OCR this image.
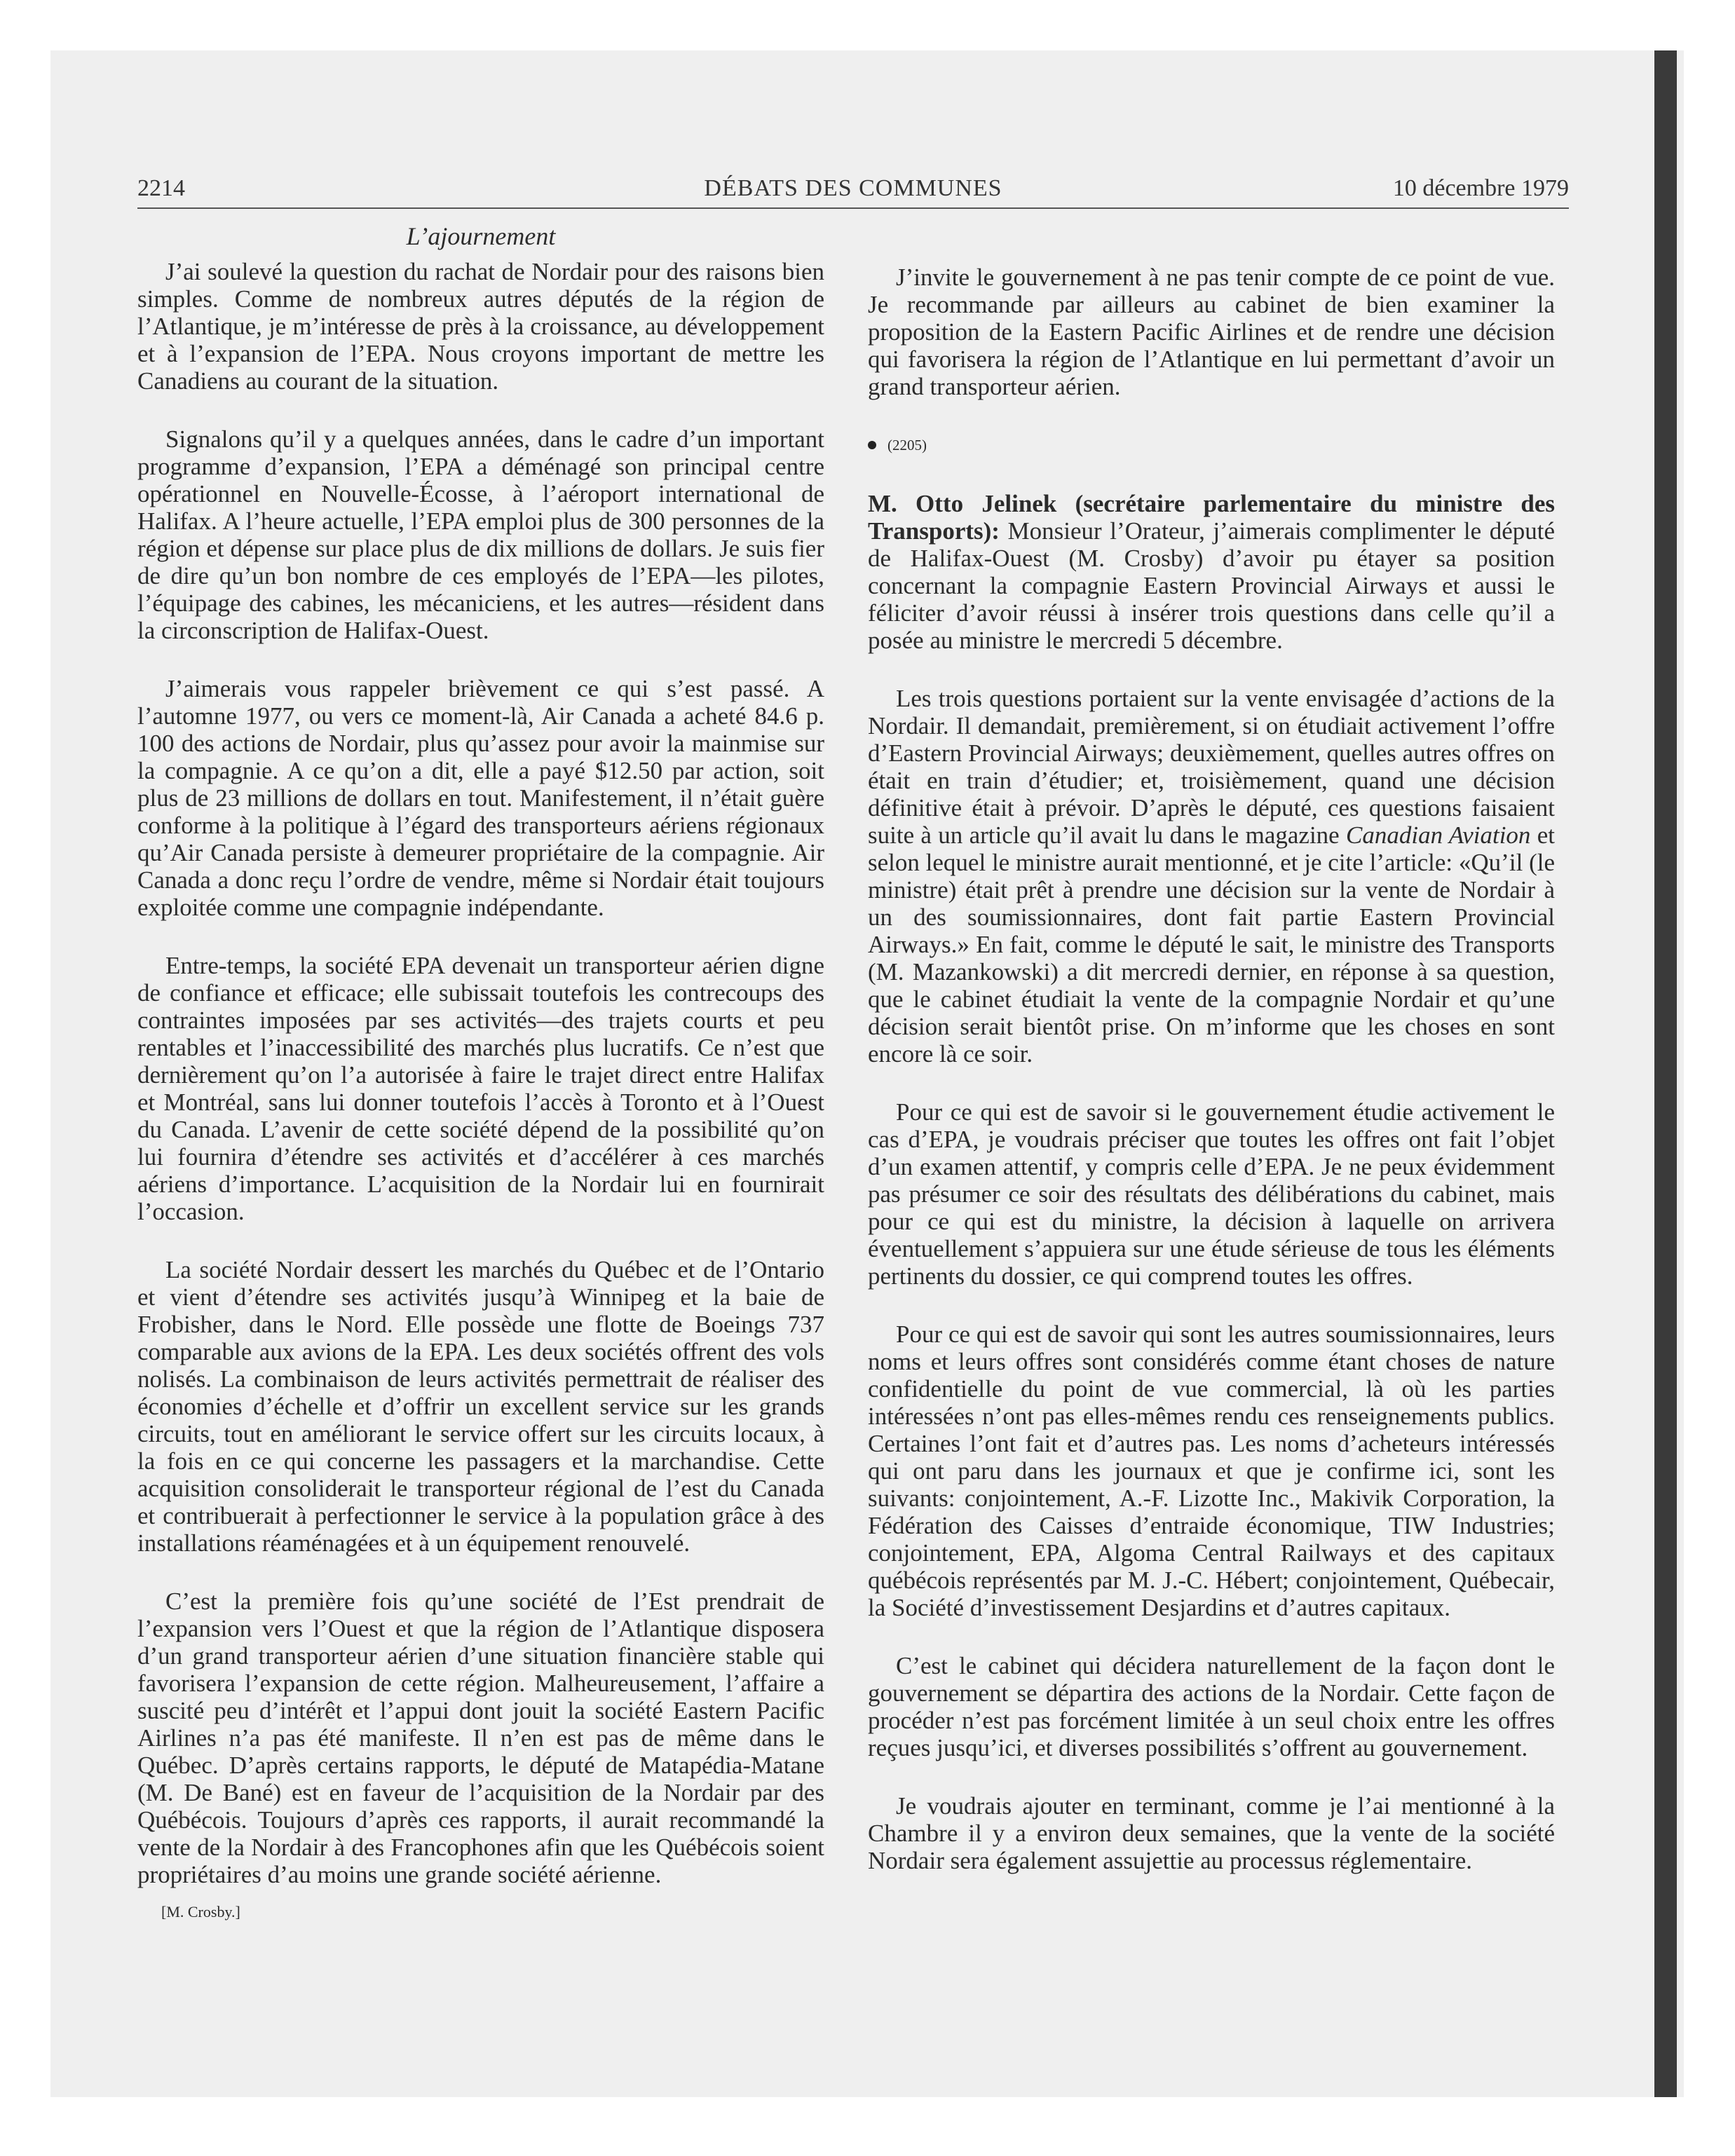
2214	DÉBATS DES COMMUNES	10 décembre 1979
L’ajournement

J’ai soulevé la question du rachat de Nordair pour des raisons bien simples. Comme de nombreux autres députés de la région de l’Atlantique, je m’intéresse de près à la croissance, au développement et à l’expansion de l’EPA. Nous croyons important de mettre les Canadiens au courant de la situation.

Signalons qu’il y a quelques années, dans le cadre d’un important programme d’expansion, l’EPA a déménagé son principal centre opérationnel en Nouvelle-Écosse, à l’aéroport international de Halifax. A l’heure actuelle, l’EPA emploi plus de 300 personnes de la région et dépense sur place plus de dix millions de dollars. Je suis fier de dire qu’un bon nombre de ces employés de l’EPA—les pilotes, l’équipage des cabines, les mécaniciens, et les autres—résident dans la circonscription de Halifax-Ouest.

J’aimerais vous rappeler brièvement ce qui s’est passé. A l’automne 1977, ou vers ce moment-là, Air Canada a acheté 84.6 p. 100 des actions de Nordair, plus qu’assez pour avoir la mainmise sur la compagnie. A ce qu’on a dit, elle a payé $12.50 par action, soit plus de 23 millions de dollars en tout. Manifestement, il n’était guère conforme à la politique à l’égard des transporteurs aériens régionaux qu’Air Canada persiste à demeurer propriétaire de la compagnie. Air Canada a donc reçu l’ordre de vendre, même si Nordair était toujours exploitée comme une compagnie indépendante.

Entre-temps, la société EPA devenait un transporteur aérien digne de confiance et efficace; elle subissait toutefois les contrecoups des contraintes imposées par ses activités—des trajets courts et peu rentables et l’inaccessibilité des marchés plus lucratifs. Ce n’est que dernièrement qu’on l’a autorisée à faire le trajet direct entre Halifax et Montréal, sans lui donner toutefois l’accès à Toronto et à l’Ouest du Canada. L’avenir de cette société dépend de la possibilité qu’on lui fournira d’étendre ses activités et d’accélérer à ces marchés aériens d’importance. L’acquisition de la Nordair lui en fournirait l’occasion.

La société Nordair dessert les marchés du Québec et de l’Ontario et vient d’étendre ses activités jusqu’à Winnipeg et la baie de Frobisher, dans le Nord. Elle possède une flotte de Boeings 737 comparable aux avions de la EPA. Les deux sociétés offrent des vols nolisés. La combinaison de leurs activités permettrait de réaliser des économies d’échelle et d’offrir un excellent service sur les grands circuits, tout en améliorant le service offert sur les circuits locaux, à la fois en ce qui concerne les passagers et la marchandise. Cette acquisition consoliderait le transporteur régional de l’est du Canada et contribuerait à perfectionner le service à la population grâce à des installations réaménagées et à un équipement renouvelé.

C’est la première fois qu’une société de l’Est prendrait de l’expansion vers l’Ouest et que la région de l’Atlantique disposera d’un grand transporteur aérien d’une situation financière stable qui favorisera l’expansion de cette région. Malheureusement, l’affaire a suscité peu d’intérêt et l’appui dont jouit la société Eastern Pacific Airlines n’a pas été manifeste. Il n’en est pas de même dans le Québec. D’après certains rapports, le député de Matapédia-Matane (M. De Bané) est en faveur de l’acquisition de la Nordair par des Québécois. Toujours d’après ces rapports, il aurait recommandé la vente de la Nordair à des Francophones afin que les Québécois soient propriétaires d’au moins une grande société aérienne.

[M. Crosby.]

J’invite le gouvernement à ne pas tenir compte de ce point de vue. Je recommande par ailleurs au cabinet de bien examiner la proposition de la Eastern Pacific Airlines et de rendre une décision qui favorisera la région de l’Atlantique en lui permettant d’avoir un grand transporteur aérien.

(2205)

M. Otto Jelinek (secrétaire parlementaire du ministre des Transports): Monsieur l’Orateur, j’aimerais complimenter le député de Halifax-Ouest (M. Crosby) d’avoir pu étayer sa position concernant la compagnie Eastern Provincial Airways et aussi le féliciter d’avoir réussi à insérer trois questions dans celle qu’il a posée au ministre le mercredi 5 décembre.

Les trois questions portaient sur la vente envisagée d’actions de la Nordair. Il demandait, premièrement, si on étudiait activement l’offre d’Eastern Provincial Airways; deuxièmement, quelles autres offres on était en train d’étudier; et, troisièmement, quand une décision définitive était à prévoir. D’après le député, ces questions faisaient suite à un article qu’il avait lu dans le magazine Canadian Aviation et selon lequel le ministre aurait mentionné, et je cite l’article: «Qu’il (le ministre) était prêt à prendre une décision sur la vente de Nordair à un des soumissionnaires, dont fait partie Eastern Provincial Airways.» En fait, comme le député le sait, le ministre des Transports (M. Mazankowski) a dit mercredi dernier, en réponse à sa question, que le cabinet étudiait la vente de la compagnie Nordair et qu’une décision serait bientôt prise. On m’informe que les choses en sont encore là ce soir.

Pour ce qui est de savoir si le gouvernement étudie activement le cas d’EPA, je voudrais préciser que toutes les offres ont fait l’objet d’un examen attentif, y compris celle d’EPA. Je ne peux évidemment pas présumer ce soir des résultats des délibérations du cabinet, mais pour ce qui est du ministre, la décision à laquelle on arrivera éventuellement s’appuiera sur une étude sérieuse de tous les éléments pertinents du dossier, ce qui comprend toutes les offres.

Pour ce qui est de savoir qui sont les autres soumissionnaires, leurs noms et leurs offres sont considérés comme étant choses de nature confidentielle du point de vue commercial, là où les parties intéressées n’ont pas elles-mêmes rendu ces renseignements publics. Certaines l’ont fait et d’autres pas. Les noms d’acheteurs intéressés qui ont paru dans les journaux et que je confirme ici, sont les suivants: conjointement, A.-F. Lizotte Inc., Makivik Corporation, la Fédération des Caisses d’entraide économique, TIW Industries; conjointement, EPA, Algoma Central Railways et des capitaux québécois représentés par M. J.-C. Hébert; conjointement, Québecair, la Société d’investissement Desjardins et d’autres capitaux.

C’est le cabinet qui décidera naturellement de la façon dont le gouvernement se départira des actions de la Nordair. Cette façon de procéder n’est pas forcément limitée à un seul choix entre les offres reçues jusqu’ici, et diverses possibilités s’offrent au gouvernement.

Je voudrais ajouter en terminant, comme je l’ai mentionné à la Chambre il y a environ deux semaines, que la vente de la société Nordair sera également assujettie au processus réglementaire.
